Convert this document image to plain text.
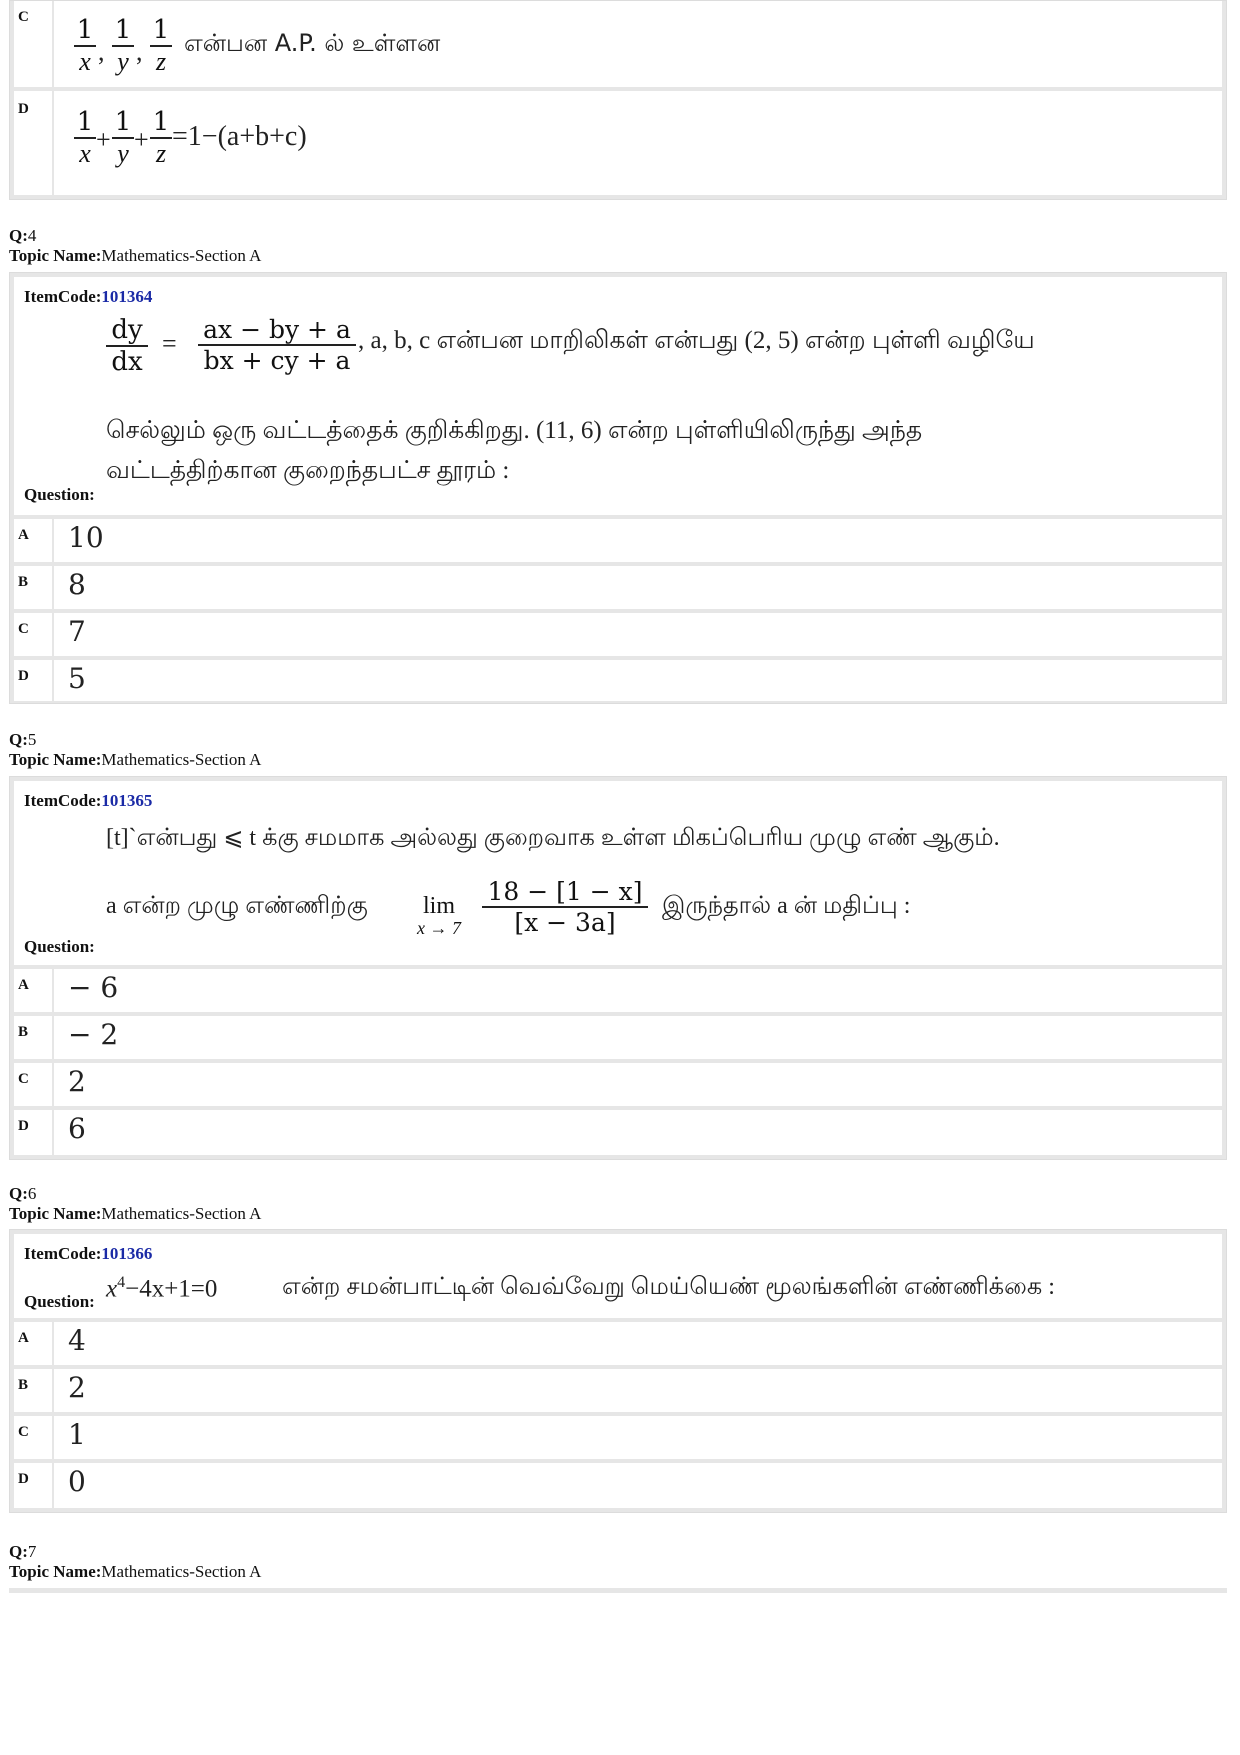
C 1
x ,
1
y ,
1
z
என்பன A.P. ல் உள்ளன
D 1
x +
1
y +
1
z
=1−(a+b+c)
Q:4
Topic Name:Mathematics-Section A
ItemCode:101364
dy
dx
= ax − by + a
bx + cy + a
, a, b, c என்பன மாறிலிகள் என்பது (2, 5) என்ற புள்ளி வழியே
செல்லும் ஒரு வட்டத்தைக் குறிக்கிறது. (11, 6) என்ற புள்ளியிலிருந்து அந்த
வட்டத்திற்கான குறைந்தபட்ச தூரம் :
Question:
A 10
B 8
C 7
D 5
Q:5
Topic Name:Mathematics-Section A
ItemCode:101365
[t]`என்பது ⩽ t க்கு சமமாக அல்லது குறைவாக உள்ள மிகப்பெரிய முழு எண் ஆகும்.
a என்ற முழு எண்ணிற்கு	lim
x → 7
18 − [1 − x]
[x − 3a]
இருந்தால் a ன் மதிப்பு :
Question:
A − 6
B − 2
C 2
D 6
Q:6
Topic Name:Mathematics-Section A
ItemCode:101366
$x^4-4x+1=0$	என்ற சமன்பாட்டின் வெவ்வேறு மெய்யெண் மூலங்களின் எண்ணிக்கை :
Question:
A 4
B 2
C 1
D 0
Q:7
Topic Name:Mathematics-Section A
